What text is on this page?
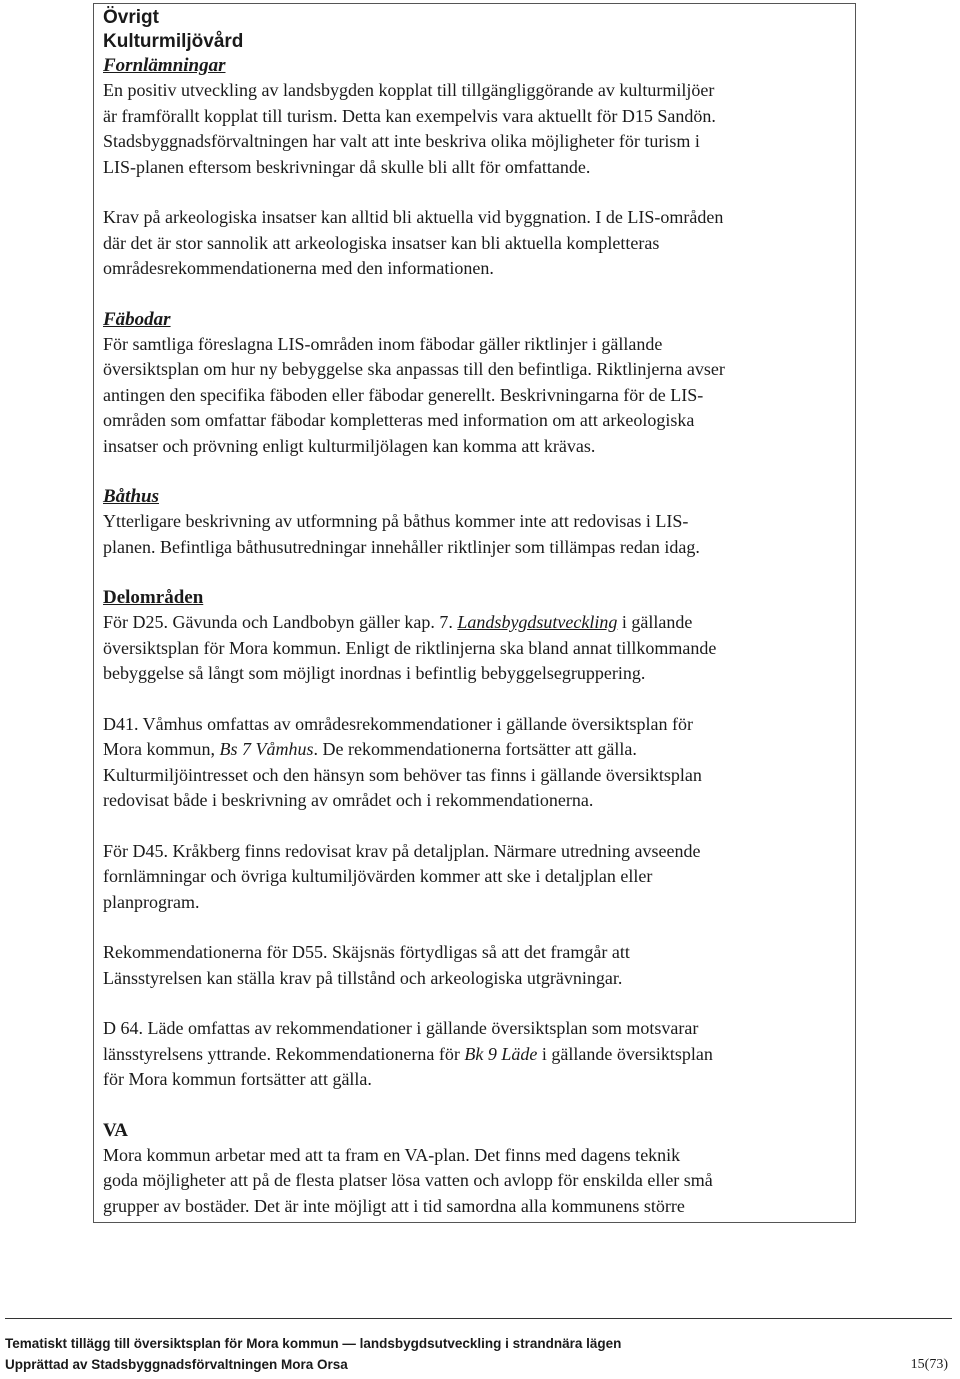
Övrigt
Kulturmiljövård
Fornlämningar

En positiv utveckling av landsbygden kopplat till tillgängliggörande av kulturmiljöer
är framförallt kopplat till turism. Detta kan exempelvis vara aktuellt för D15 Sandön.
Stadsbyggnadsförvaltningen har valt att inte beskriva olika möjligheter för turism i
LIS-planen eftersom beskrivningar då skulle bli allt för omfattande.

Krav på arkeologiska insatser kan alltid bli aktuella vid byggnation. I de LIS-områden
där det är stor sannolik att arkeologiska insatser kan bli aktuella kompletteras
områdesrekommendationerna med den informationen.

Fäbodar

För samtliga föreslagna LIS-områden inom fäbodar gäller riktlinjer i gällande
översiktsplan om hur ny bebyggelse ska anpassas till den befintliga. Riktlinjerna avser
antingen den specifika fäboden eller fäbodar generellt. Beskrivningarna för de LIS-
områden som omfattar fäbodar kompletteras med information om att arkeologiska
insatser och prövning enligt kulturmiljölagen kan komma att krävas.

Båthus

Ytterligare beskrivning av utformning på båthus kommer inte att redovisas i LIS-
planen. Befintliga båthusutredningar innehåller riktlinjer som tillämpas redan idag.

Delområden

För D25. Gävunda och Landbobyn gäller kap. 7. Landsbygdsutveckling i gällande
översiktsplan för Mora kommun. Enligt de riktlinjerna ska bland annat tillkommande
bebyggelse så långt som möjligt inordnas i befintlig bebyggelsegruppering.

D41. Våmhus omfattas av områdesrekommendationer i gällande översiktsplan för
Mora kommun, Bs 7 Våmhus. De rekommendationerna fortsätter att gälla.
Kulturmiljöintresset och den hänsyn som behöver tas finns i gällande översiktsplan
redovisat både i beskrivning av området och i rekommendationerna.

För D45. Kråkberg finns redovisat krav på detaljplan. Närmare utredning avseende
fornlämningar och övriga kultumiljövärden kommer att ske i detaljplan eller
planprogram.

Rekommendationerna för D55. Skäjsnäs förtydligas så att det framgår att
Länsstyrelsen kan ställa krav på tillstånd och arkeologiska utgrävningar.

D 64. Läde omfattas av rekommendationer i gällande översiktsplan som motsvarar
länsstyrelsens yttrande. Rekommendationerna för Bk 9 Läde i gällande översiktsplan
för Mora kommun fortsätter att gälla.

VA

Mora kommun arbetar med att ta fram en VA-plan. Det finns med dagens teknik
goda möjligheter att på de flesta platser lösa vatten och avlopp för enskilda eller små
grupper av bostäder. Det är inte möjligt att i tid samordna alla kommunens större

Tematiskt tillägg till översiktsplan för Mora kommun — landsbygdsutveckling i strandnära lägen
Upprättad av Stadsbyggnadsförvaltningen Mora Orsa	15(73)
